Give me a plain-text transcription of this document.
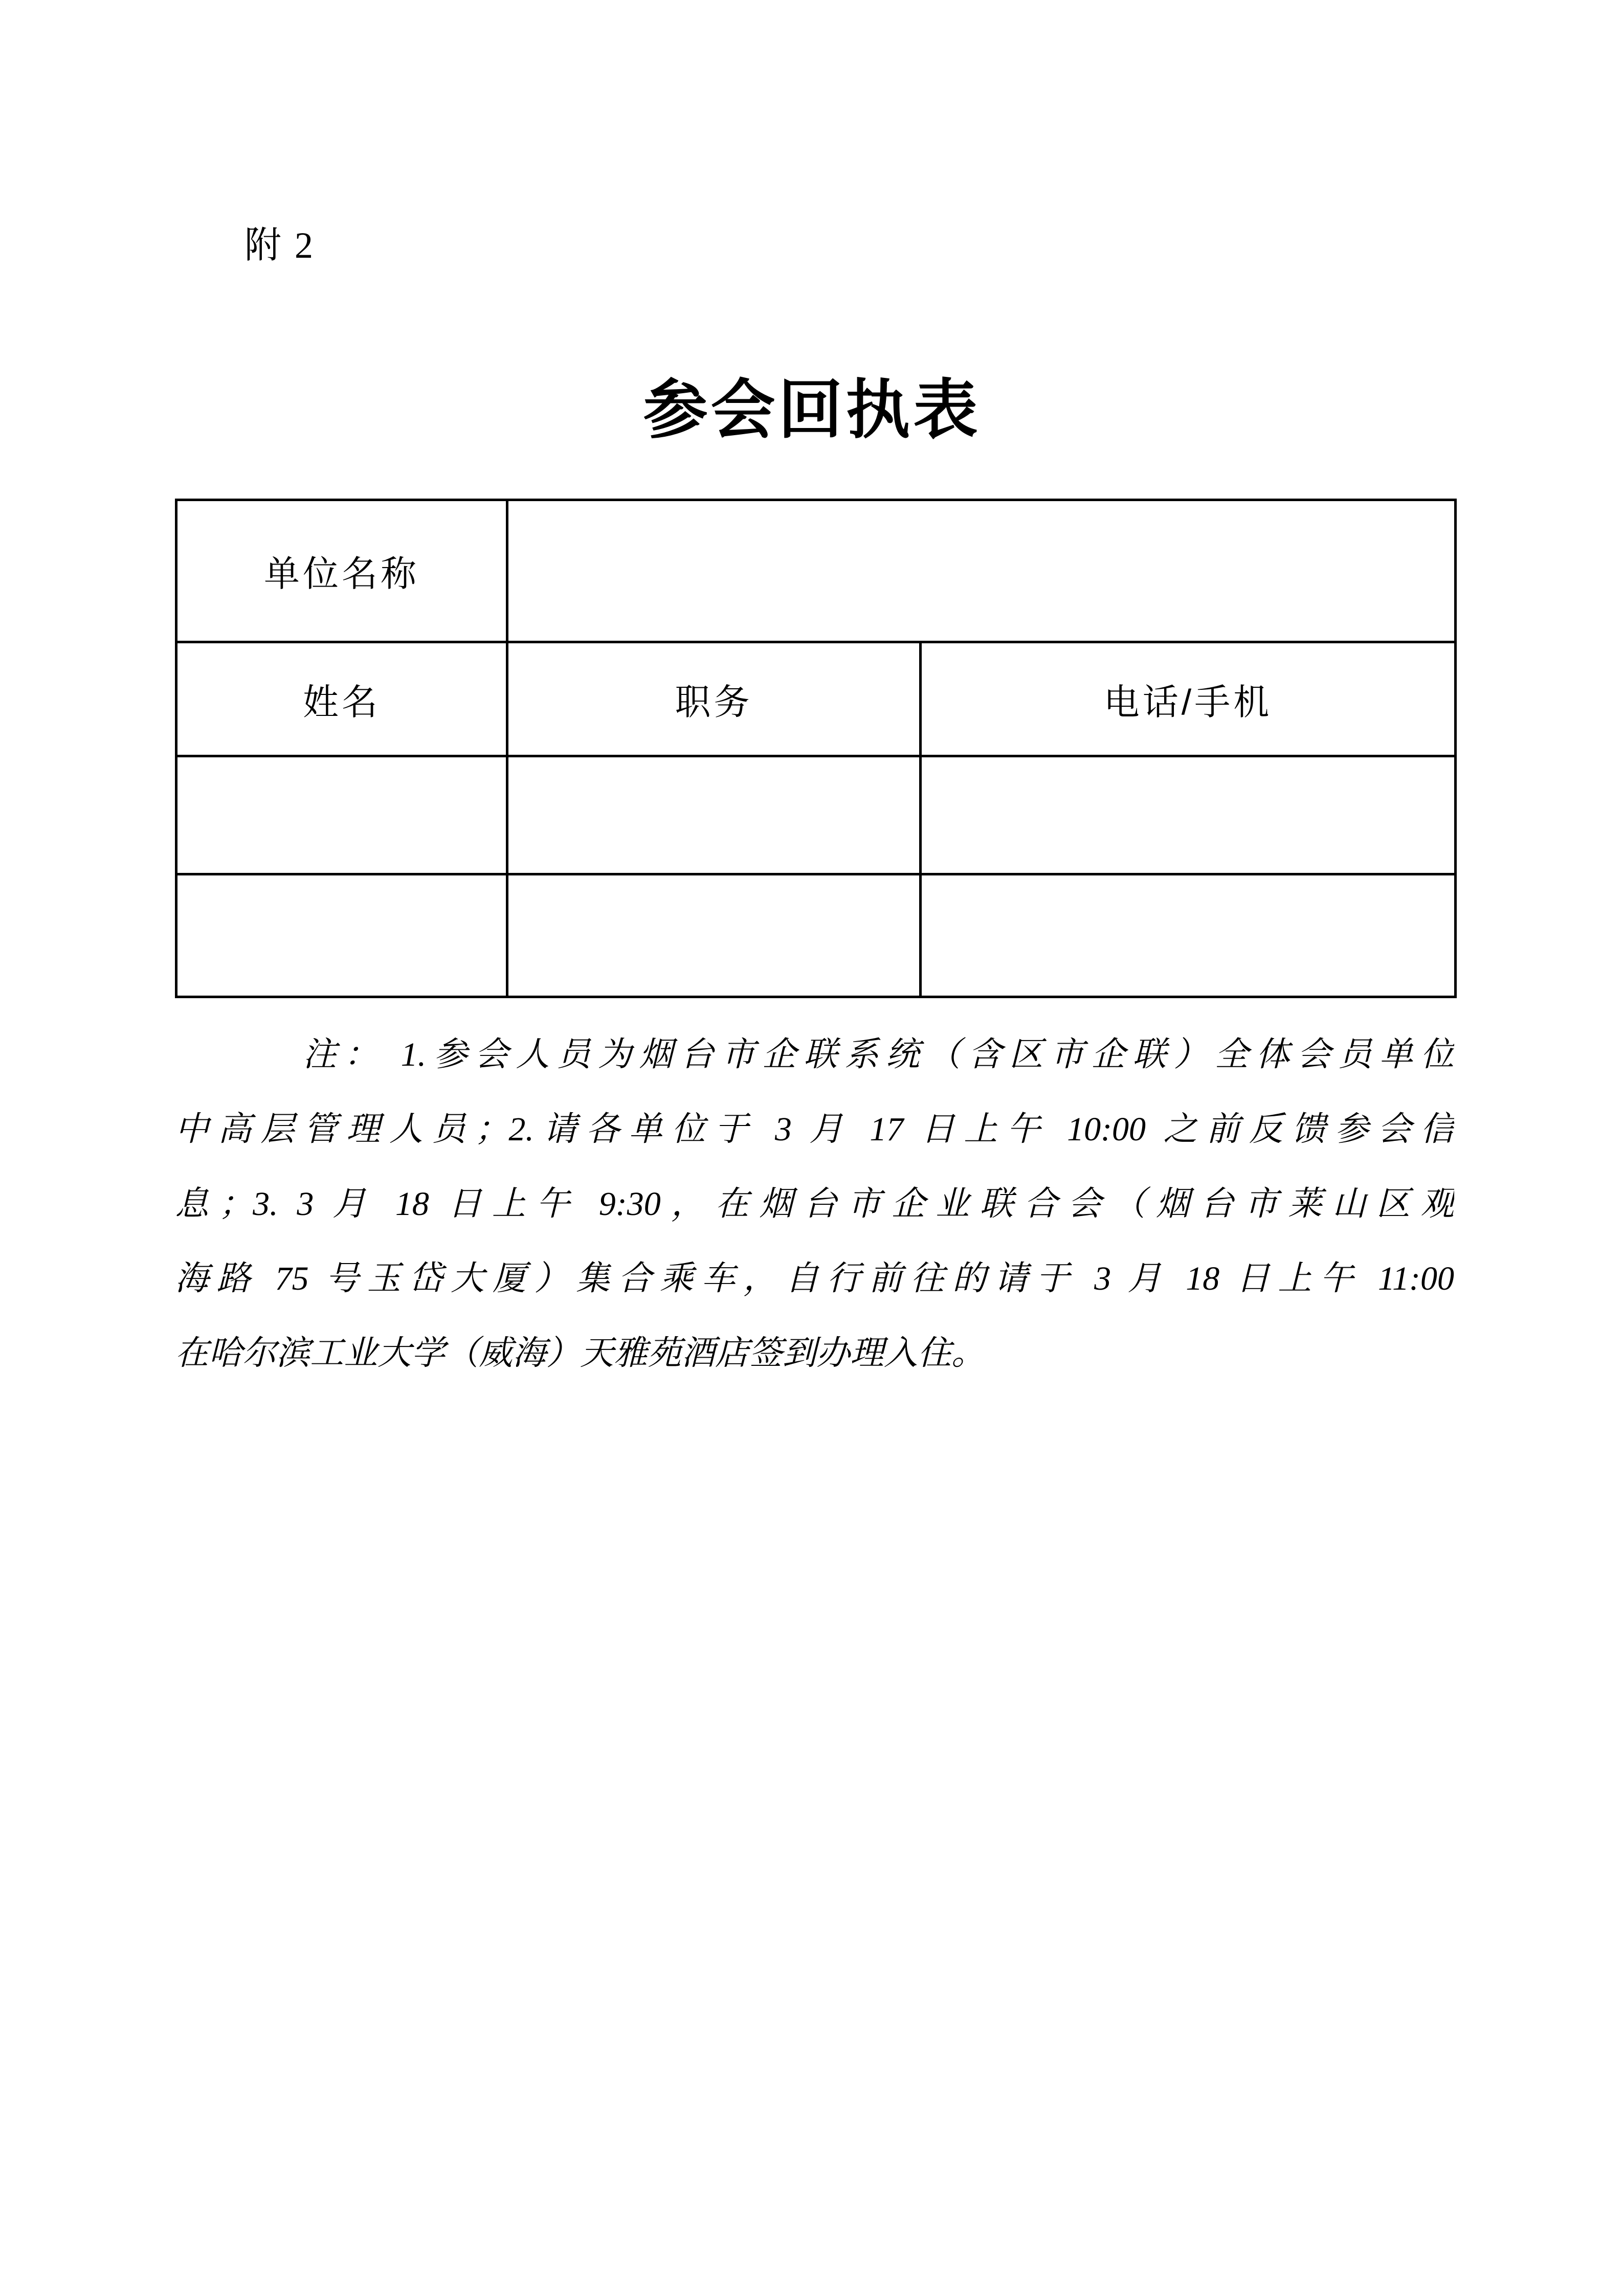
附 2
参会回执表
单位名称		
姓名	职务	电话/手机

注： 1.参会人员为烟台市企联系统（含区市企联）全体会员单位
中高层管理人员；2.请各单位于 3 月 17 日上午 10:00 之前反馈参会信
息；3. 3 月 18 日上午 9:30，在烟台市企业联合会（烟台市莱山区观
海路 75 号玉岱大厦）集合乘车，自行前往的请于 3 月 18 日上午 11:00
在哈尔滨工业大学（威海）天雅苑酒店签到办理入住。
